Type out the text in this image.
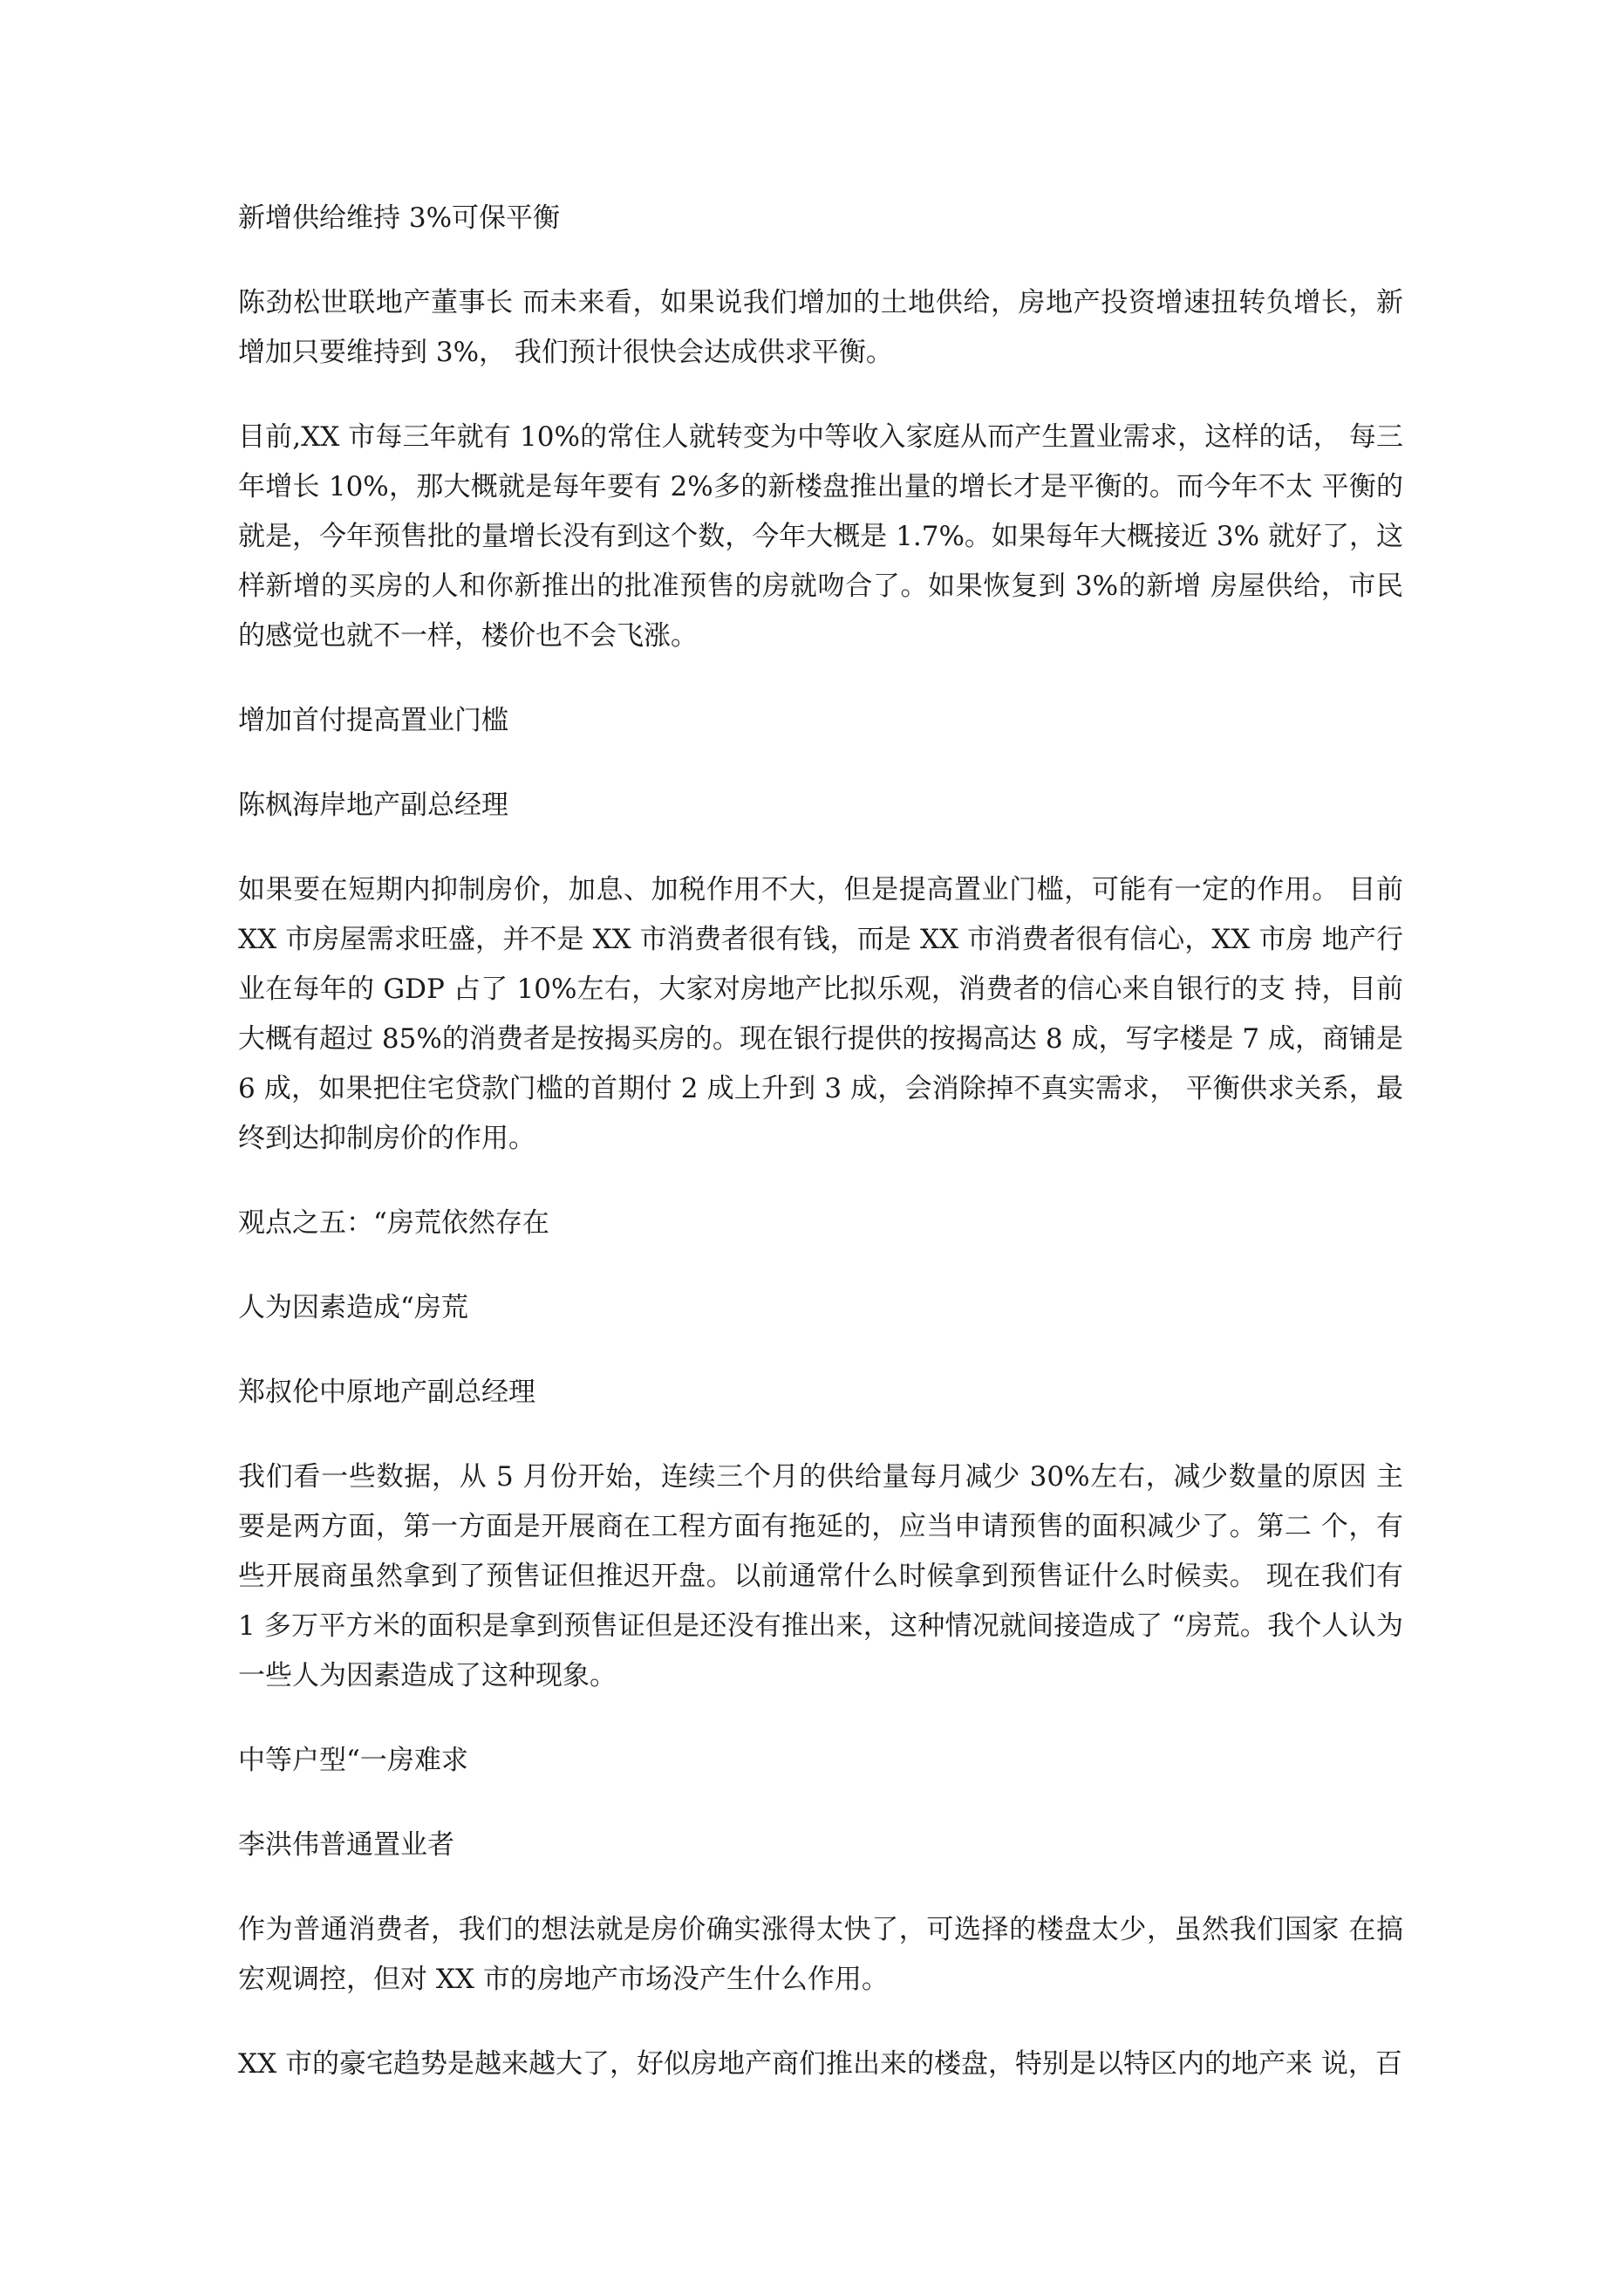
新增供给维持 3%可保平衡

陈劲松世联地产董事长 而未来看，如果说我们增加的土地供给，房地产投资增速扭转负增长，新增加只要维持到 3%， 我们预计很快会达成供求平衡。

目前,XX 市每三年就有 10%的常住人就转变为中等收入家庭从而产生置业需求，这样的话， 每三年增长 10%，那大概就是每年要有 2%多的新楼盘推出量的增长才是平衡的。而今年不太 平衡的就是，今年预售批的量增长没有到这个数，今年大概是 1.7%。如果每年大概接近 3% 就好了，这样新增的买房的人和你新推出的批准预售的房就吻合了。如果恢复到 3%的新增 房屋供给，市民的感觉也就不一样，楼价也不会飞涨。

增加首付提高置业门槛

陈枫海岸地产副总经理

如果要在短期内抑制房价，加息、加税作用不大，但是提高置业门槛，可能有一定的作用。 目前 XX 市房屋需求旺盛，并不是 XX 市消费者很有钱，而是 XX 市消费者很有信心，XX 市房 地产行业在每年的 GDP 占了 10%左右，大家对房地产比拟乐观，消费者的信心来自银行的支 持，目前大概有超过 85%的消费者是按揭买房的。现在银行提供的按揭高达 8 成，写字楼是 7 成，商铺是 6 成，如果把住宅贷款门槛的首期付 2 成上升到 3 成，会消除掉不真实需求， 平衡供求关系，最终到达抑制房价的作用。

观点之五：“房荒依然存在

人为因素造成“房荒

郑叔伦中原地产副总经理

我们看一些数据，从 5 月份开始，连续三个月的供给量每月减少 30%左右，减少数量的原因 主要是两方面，第一方面是开展商在工程方面有拖延的，应当申请预售的面积减少了。第二 个，有些开展商虽然拿到了预售证但推迟开盘。以前通常什么时候拿到预售证什么时候卖。 现在我们有 1 多万平方米的面积是拿到预售证但是还没有推出来，这种情况就间接造成了 “房荒。我个人认为一些人为因素造成了这种现象。

中等户型“一房难求

李洪伟普通置业者

作为普通消费者，我们的想法就是房价确实涨得太快了，可选择的楼盘太少，虽然我们国家 在搞宏观调控，但对 XX 市的房地产市场没产生什么作用。

XX 市的豪宅趋势是越来越大了，好似房地产商们推出来的楼盘，特别是以特区内的地产来 说，百
